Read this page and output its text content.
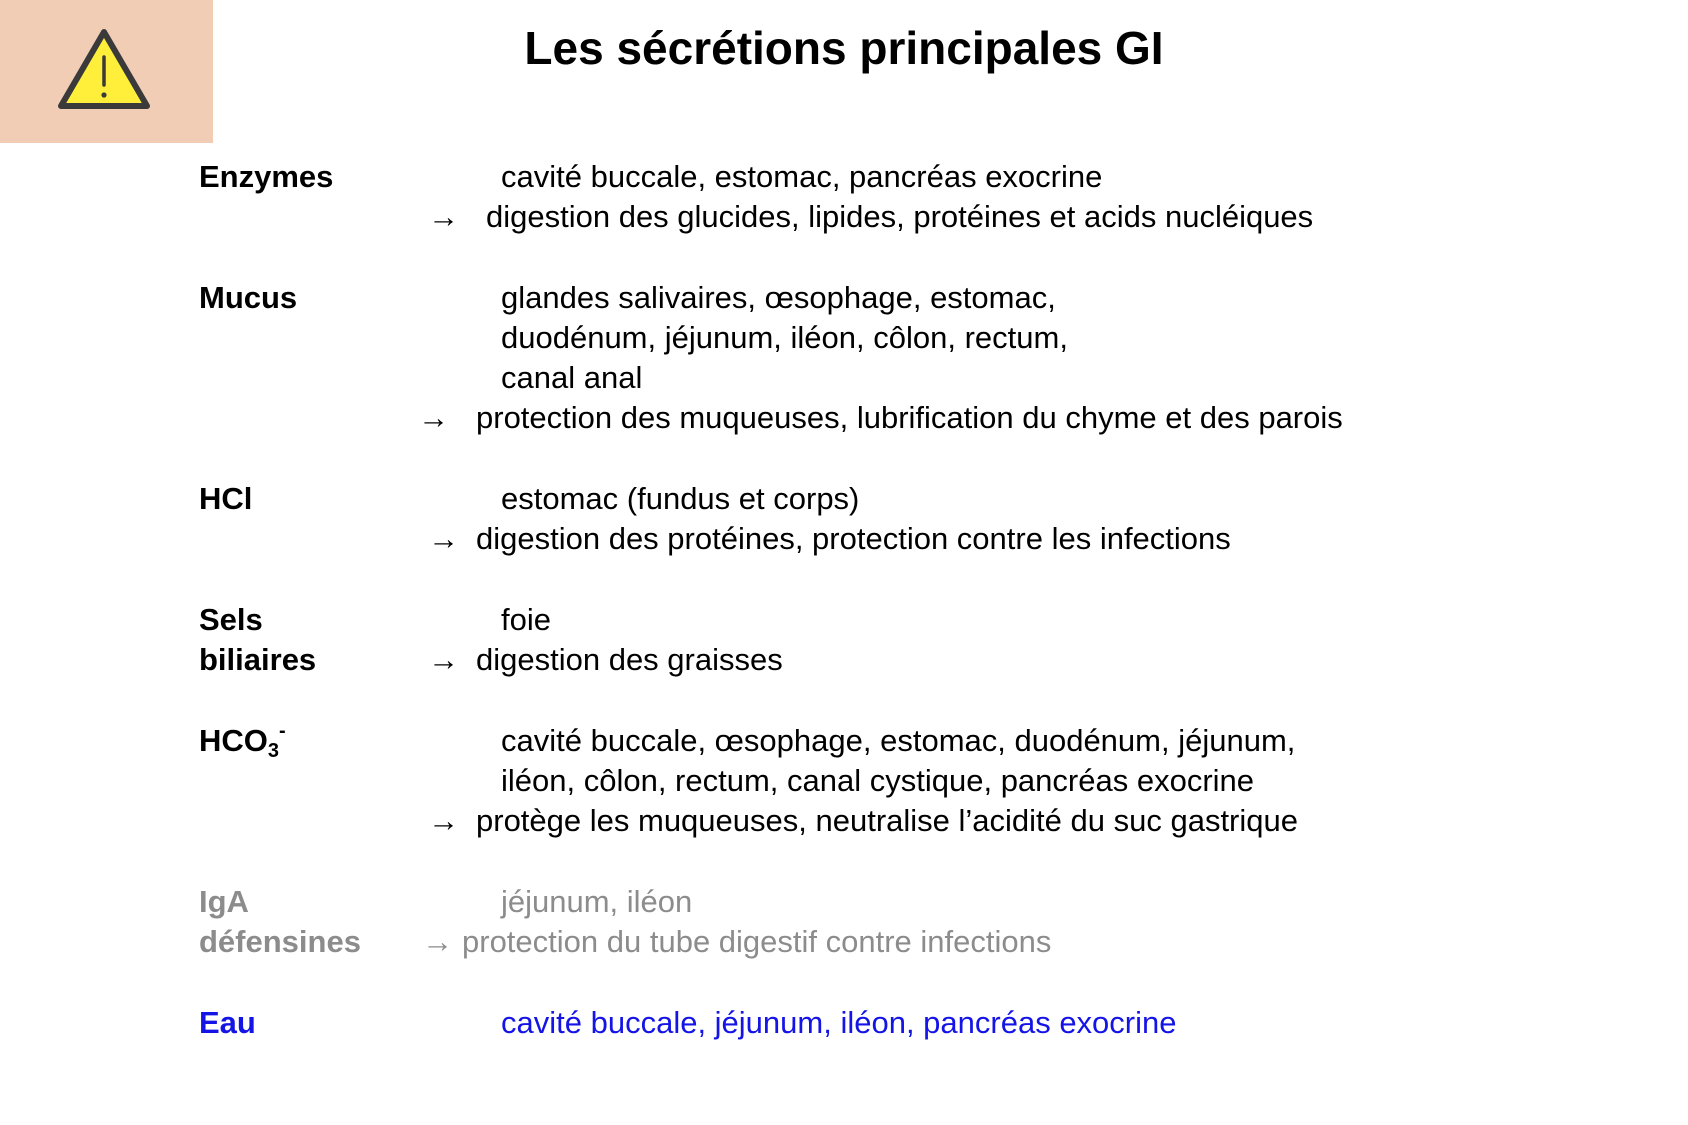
Les sécrétions principales GI
Enzymes	cavité buccale, estomac, pancréas exocrine
→ digestion des glucides, lipides, protéines et acids nucléiques
Mucus	glandes salivaires, œsophage, estomac,
duodénum, jéjunum, iléon, côlon, rectum,
canal anal
→ protection des muqueuses, lubrification du chyme et des parois
HCl	estomac (fundus et corps)
→ digestion des protéines, protection contre les infections
Sels	foie
biliaires	→ digestion des graisses
$HCO_3^-$	cavité buccale, œsophage, estomac, duodénum, jéjunum,
iléon, côlon, rectum, canal cystique, pancréas exocrine
→ protège les muqueuses, neutralise l’acidité du suc gastrique
IgA	jéjunum, iléon
défensines → protection du tube digestif contre infections
Eau	cavité buccale, jéjunum, iléon, pancréas exocrine
